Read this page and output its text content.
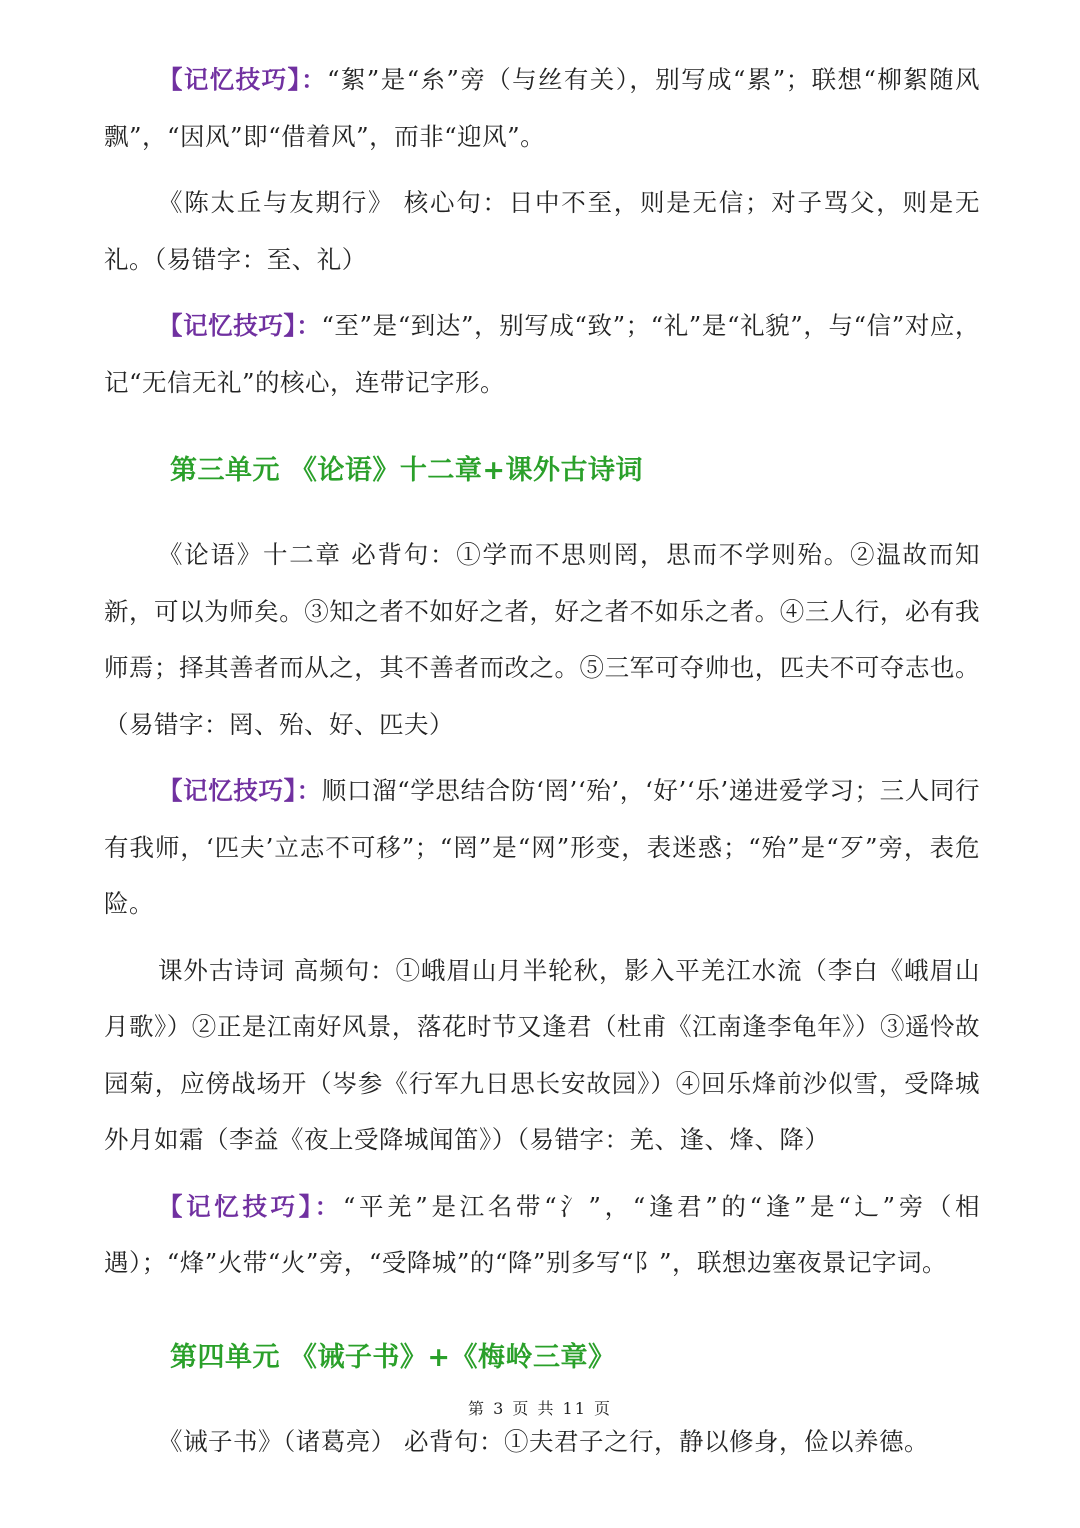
【记忆技巧】：“絮”是“糸”旁（与丝有关），别写成“累”；联想“柳絮随风飘”，“因风”即“借着风”，而非“迎风”。

《陈太丘与友期行》 核心句：日中不至，则是无信；对子骂父，则是无礼。（易错字：至、礼）

【记忆技巧】：“至”是“到达”，别写成“致”；“礼”是“礼貌”，与“信”对应，记“无信无礼”的核心，连带记字形。

第三单元 《论语》十二章+课外古诗词

《论语》十二章 必背句：①学而不思则罔，思而不学则殆。②温故而知新，可以为师矣。③知之者不如好之者，好之者不如乐之者。④三人行，必有我师焉；择其善者而从之，其不善者而改之。⑤三军可夺帅也，匹夫不可夺志也。（易错字：罔、殆、好、匹夫）

【记忆技巧】：顺口溜“学思结合防‘罔’‘殆’，‘好’‘乐’递进爱学习；三人同行有我师，‘匹夫’立志不可移”；“罔”是“网”形变，表迷惑；“殆”是“歹”旁，表危险。

课外古诗词 高频句：①峨眉山月半轮秋，影入平羌江水流（李白《峨眉山月歌》）②正是江南好风景，落花时节又逢君（杜甫《江南逢李龟年》）③遥怜故园菊，应傍战场开（岑参《行军九日思长安故园》）④回乐烽前沙似雪，受降城外月如霜（李益《夜上受降城闻笛》）（易错字：羌、逢、烽、降）

【记忆技巧】：“平羌”是江名带“氵”，“逢君”的“逢”是“辶”旁（相遇）；“烽”火带“火”旁，“受降城”的“降”别多写“阝”，联想边塞夜景记字词。

第四单元 《诫子书》+《梅岭三章》

《诫子书》（诸葛亮） 必背句：①夫君子之行，静以修身，俭以养德。

第 3 页 共 11 页
